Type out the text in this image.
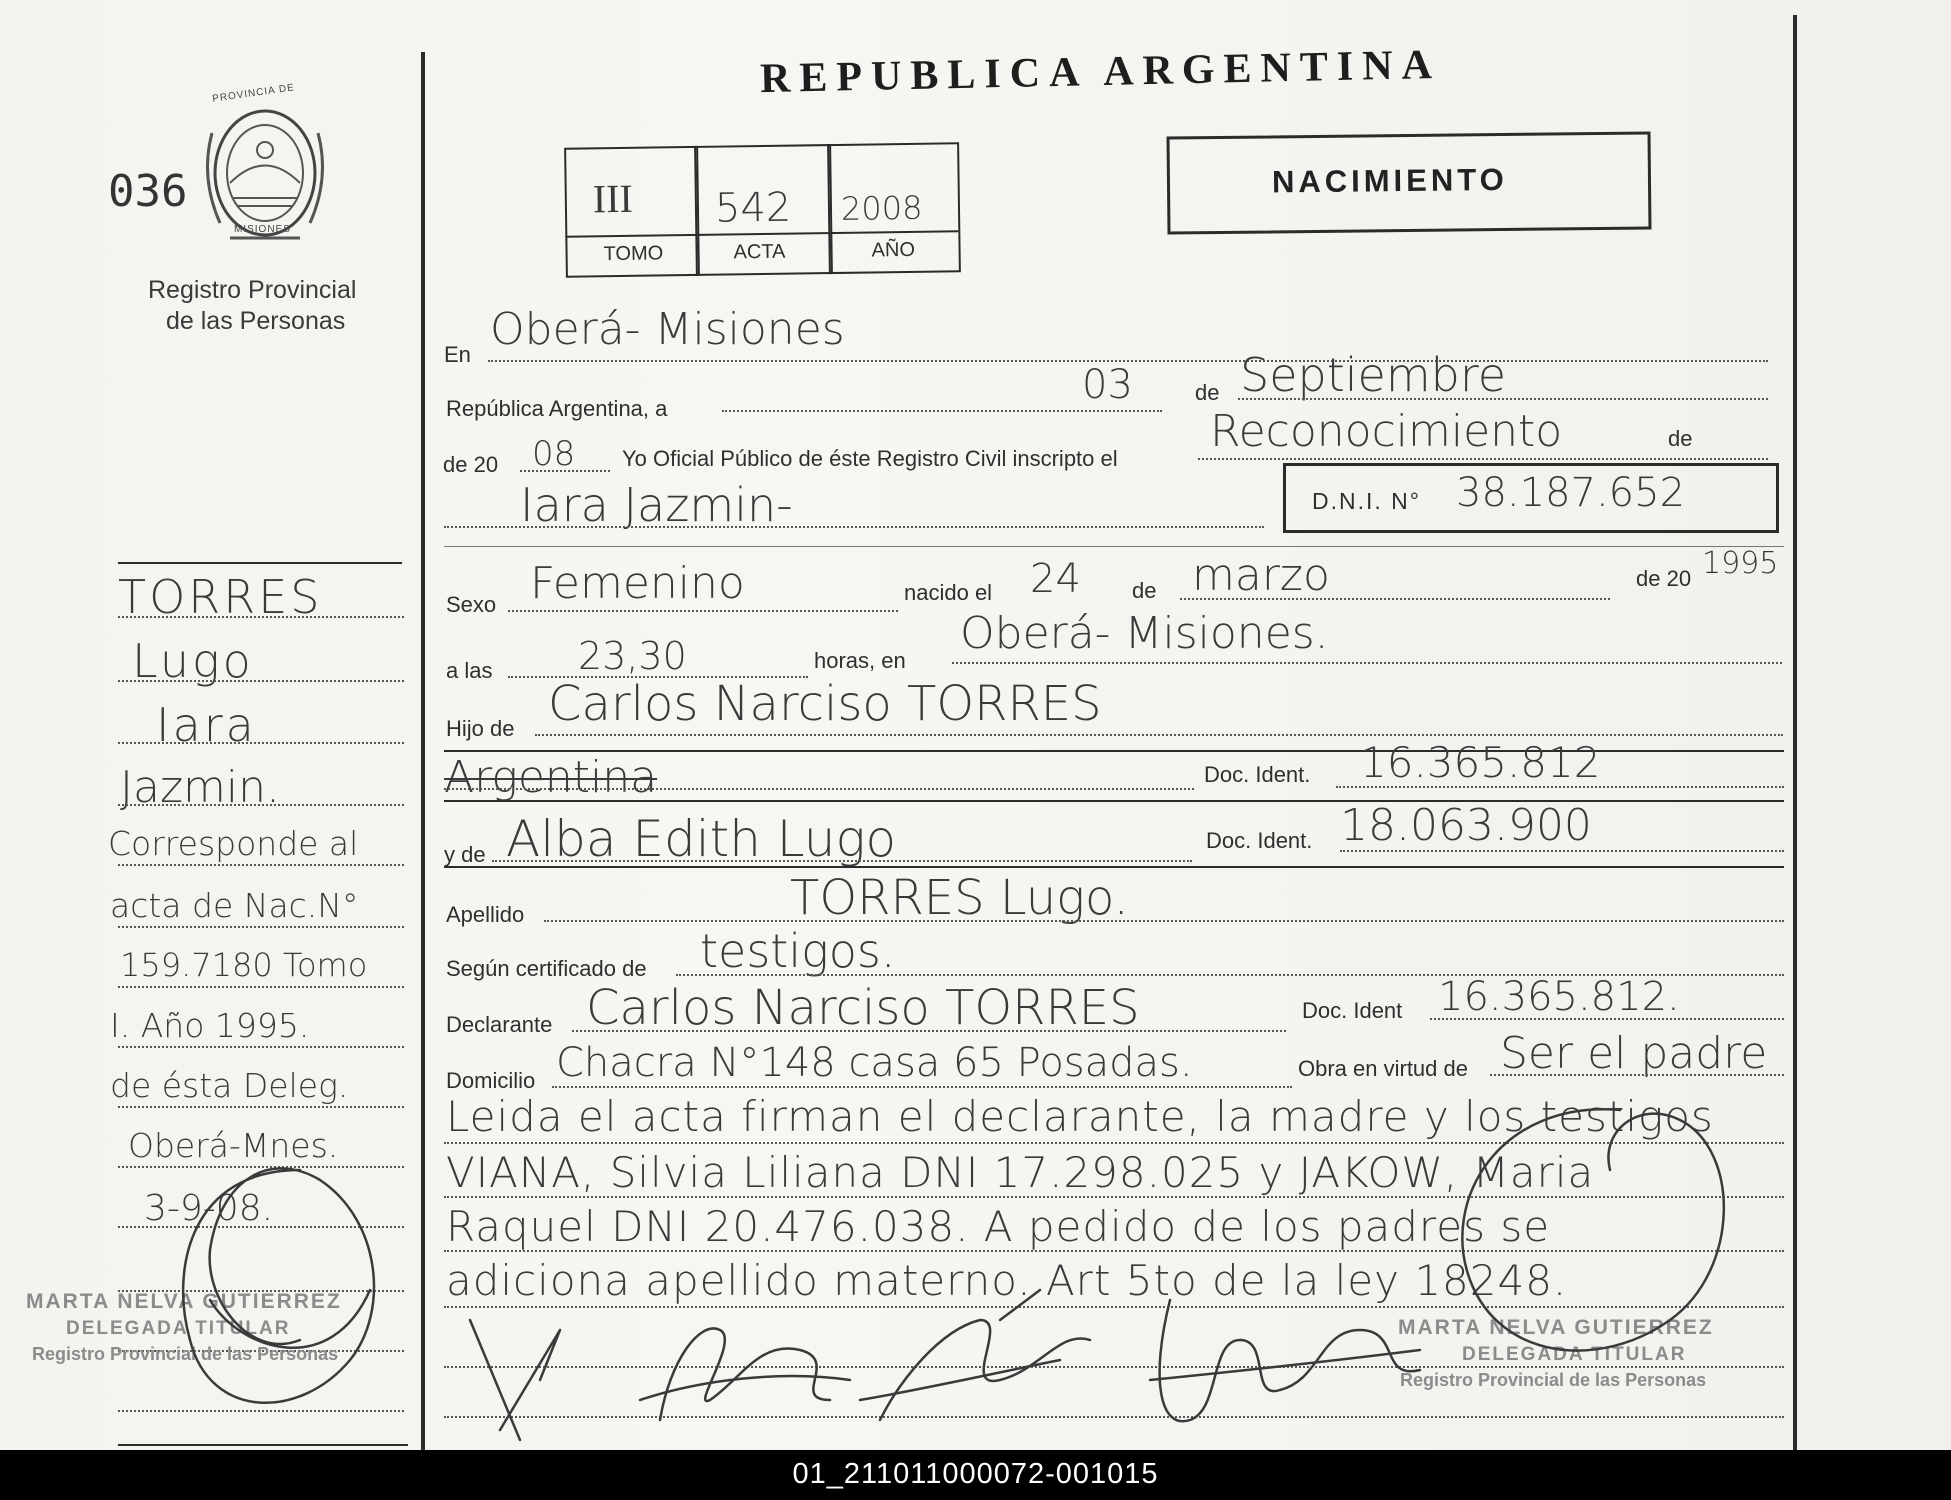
REPUBLICA ARGENTINA
036
PROVINCIA DE
MISIONES
Registro Provincial
de las Personas
III 542 2008
TOMO	ACTA	AÑO
NACIMIENTO
En Oberá- Misiones
República Argentina, a
03	de Septiembre
de 20 08 Yo Oficial Público de éste Registro Civil inscripto el
Reconocimiento	de
Iara Jazmin-	D.N.I. N° 38.187.652
Sexo Femenino	nacido el 24 de marzo	de 20 1995
a las 23,30	horas, en
Oberá- Misiones.
Hijo de Carlos Narciso TORRES
Argentina	Doc. Ident. 16.365.812
y de Alba Edith Lugo	Doc. Ident. 18.063.900
Apellido	TORRES Lugo.
Según certificado de testigos.
Declarante Carlos Narciso TORRES	Doc. Ident 16.365.812.
Domicilio Chacra N°148 casa 65 Posadas.	Obra en virtud de Ser el padre
Leida el acta firman el declarante, la madre y los testigos
VIANA, Silvia Liliana DNI 17.298.025 y JAKOW, Maria
Raquel DNI 20.476.038. A pedido de los padres se
adiciona apellido materno. Art 5to de la ley 18248.
TORRES
Lugo
Iara
Jazmin.
Corresponde al
acta de Nac.N°
159.7180 Tomo
I. Año 1995.
de ésta Deleg.
Oberá-Mnes.
3-9-08.
MARTA NELVA GUTIERREZ
DELEGADA TITULAR
Registro Provincial de las Personas
MARTA NELVA GUTIERREZ
DELEGADA TITULAR
Registro Provincial de las Personas
01_211011000072-001015
